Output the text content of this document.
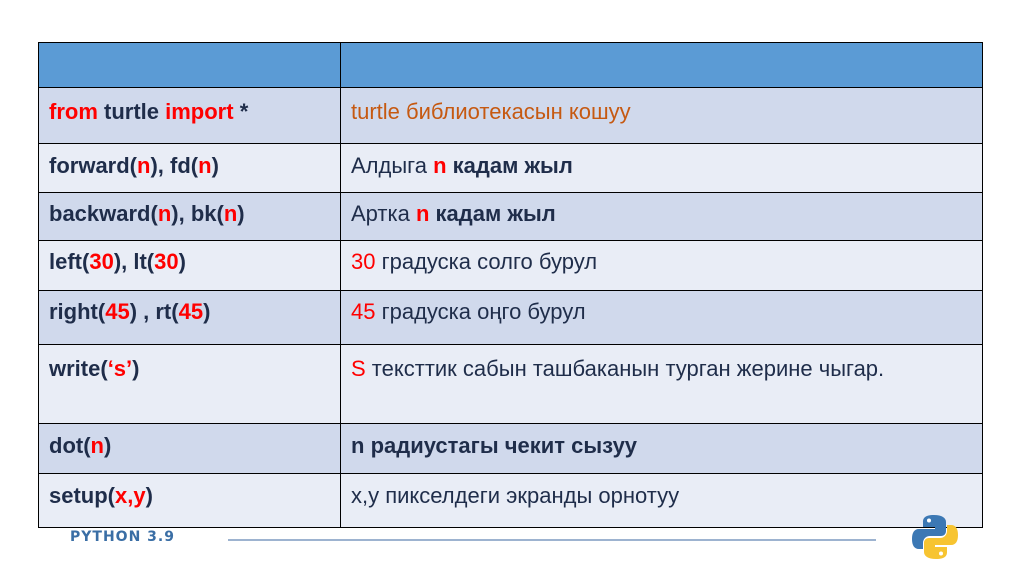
from turtle import *	turtle библиотекасын кошуу
forward(n), fd(n)	Алдыга n кадам жыл
backward(n), bk(n)	Артка n кадам жыл
left(30), lt(30)	30 градуска солго бурул
right(45) , rt(45)	45 градуска оңго бурул
write(‘s’)	S тексттик сабын ташбаканын турган жерине чыгар.
dot(n)	n радиустагы чекит сызуу
setup(x,y)	x,y пикселдеги экранды орнотуу
PYTHON 3.9
